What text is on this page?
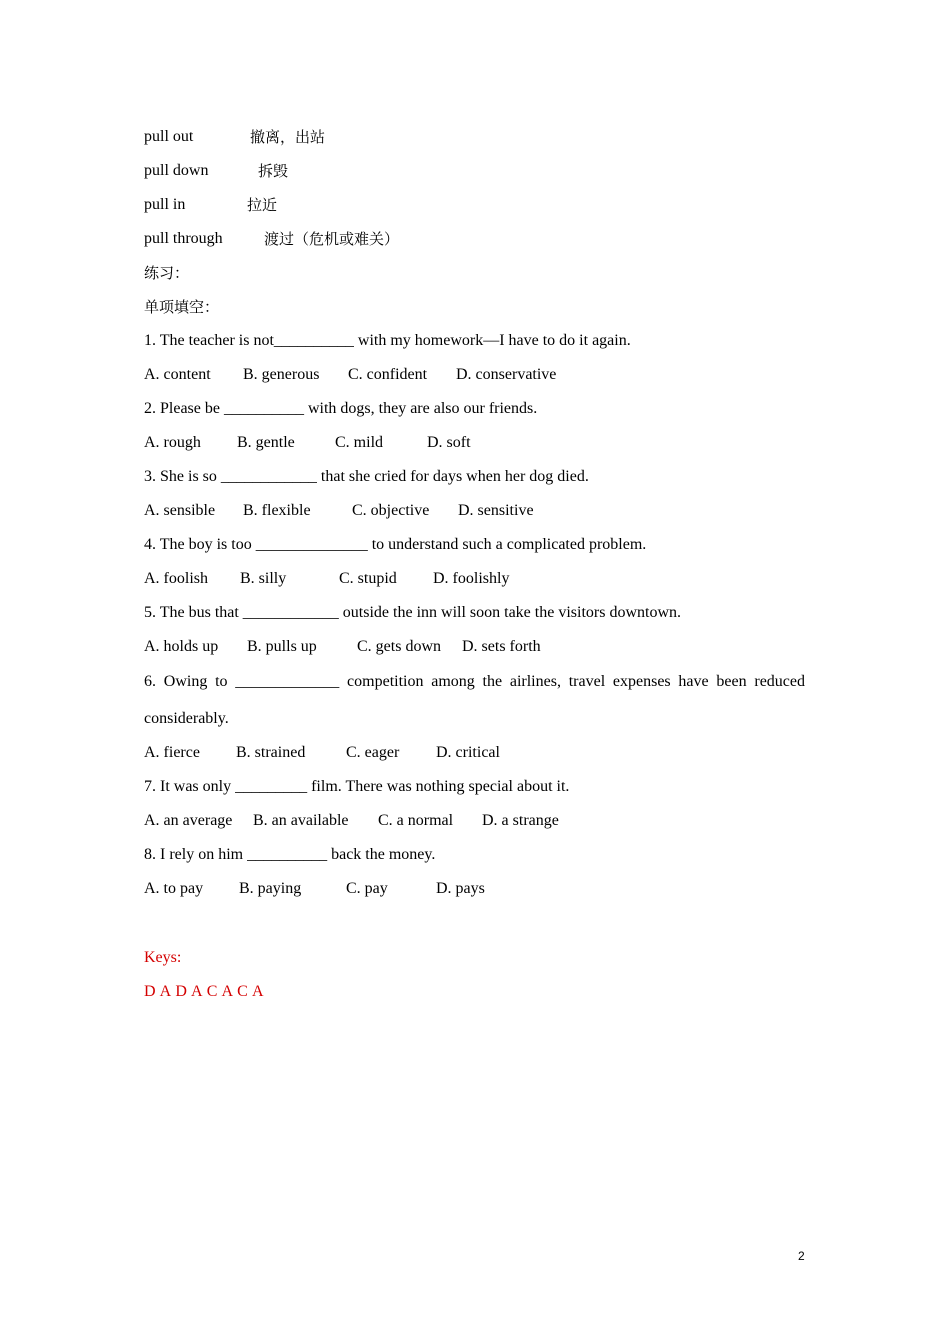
pull out	撤离，出站
pull down	拆毁
pull in	拉近
pull through	渡过（危机或难关）
练习：
单项填空：
1. The teacher is not__________ with my homework—I have to do it again.
A. content B. generous C. confident D. conservative
2. Please be __________ with dogs, they are also our friends.
A. rough B. gentle	C. mild	D. soft
3. She is so ____________ that she cried for days when her dog died.
A. sensible B. flexible	C. objective D. sensitive
4. The boy is too ______________ to understand such a complicated problem.
A. foolish B. silly	C. stupid D. foolishly
5. The bus that ____________ outside the inn will soon take the visitors downtown.
A. holds up B. pulls up	C. gets down D. sets forth
6. Owing to _____________ competition among the airlines, travel expenses have been reduced
considerably.
A. fierce B. strained	C. eager D. critical
7. It was only _________ film. There was nothing special about it.
A. an average B. an available C. a normal D. a strange
8. I rely on him __________ back the money.
A. to pay B. paying	C. pay	D. pays
Keys:
D A D A C A C A
2
